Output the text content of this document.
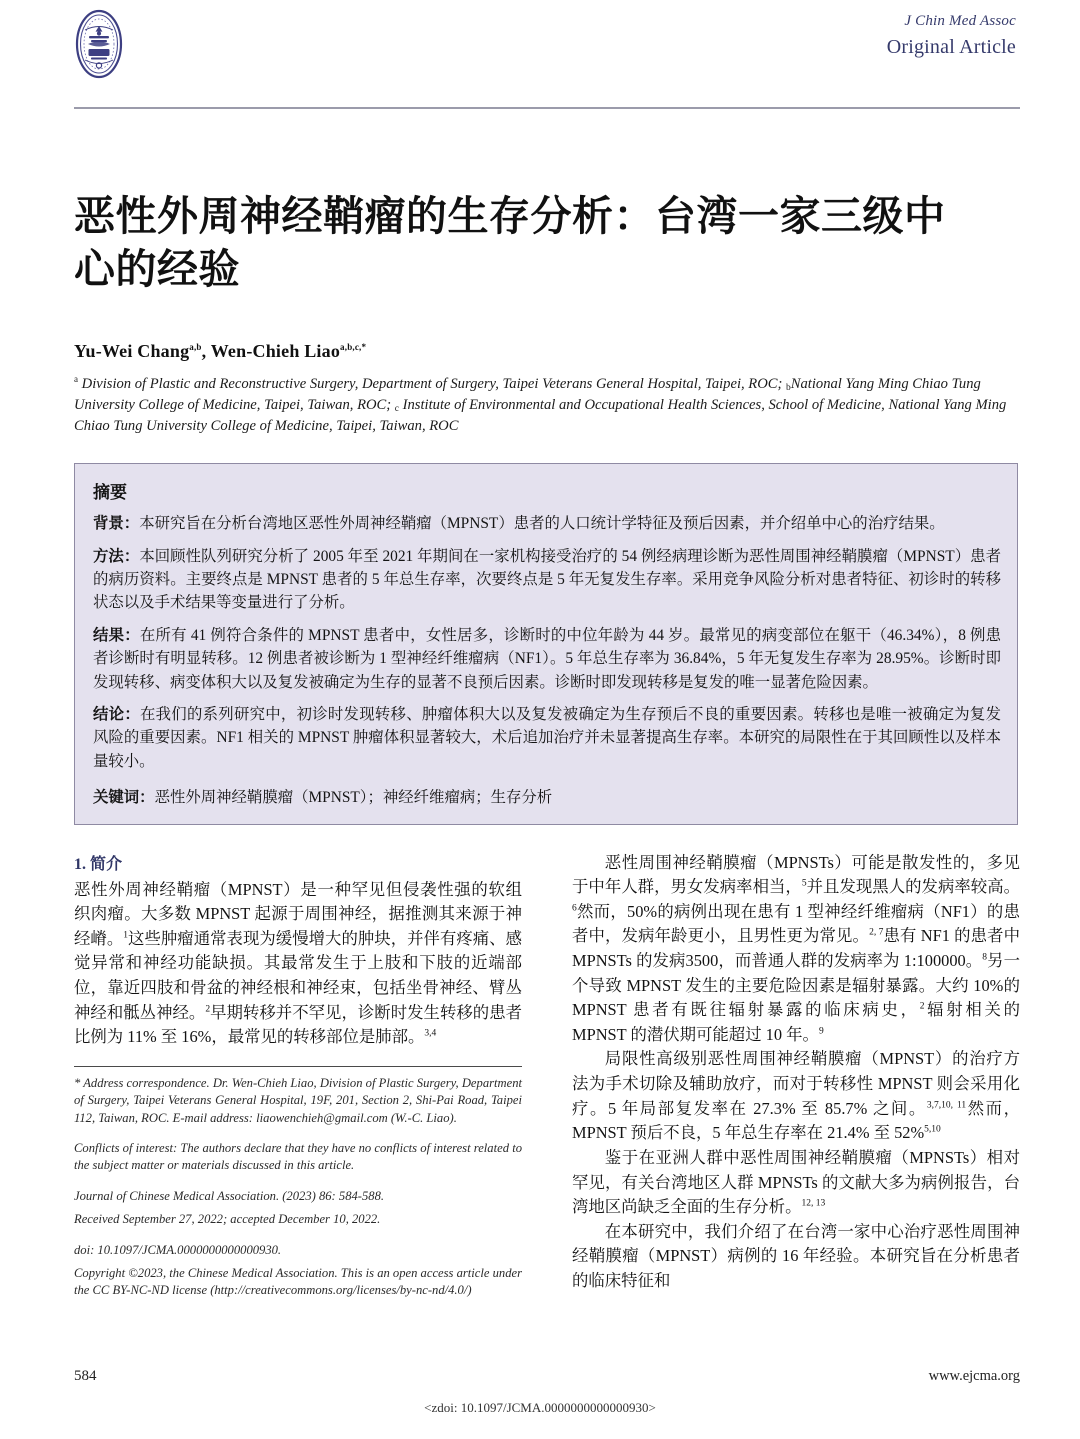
J Chin Med Assoc
Original Article
恶性外周神经鞘瘤的生存分析：台湾一家三级中心的经验
Yu-Wei Chang$^{a,b}$, Wen-Chieh Liao$^{a,b,c,*}$
$^a$ Division of Plastic and Reconstructive Surgery, Department of Surgery, Taipei Veterans General Hospital, Taipei, ROC; bNational Yang Ming Chiao Tung University College of Medicine, Taipei, Taiwan, ROC; c Institute of Environmental and Occupational Health Sciences, School of Medicine, National Yang Ming Chiao Tung University College of Medicine, Taipei, Taiwan, ROC
摘要

背景：本研究旨在分析台湾地区恶性外周神经鞘瘤（MPNST）患者的人口统计学特征及预后因素，并介绍单中心的治疗结果。

方法：本回顾性队列研究分析了 2005 年至 2021 年期间在一家机构接受治疗的 54 例经病理诊断为恶性周围神经鞘膜瘤（MPNST）患者的病历资料。主要终点是 MPNST 患者的 5 年总生存率，次要终点是 5 年无复发生存率。采用竞争风险分析对患者特征、初诊时的转移状态以及手术结果等变量进行了分析。

结果：在所有 41 例符合条件的 MPNST 患者中，女性居多，诊断时的中位年龄为 44 岁。最常见的病变部位在躯干（46.34%），8 例患者诊断时有明显转移。12 例患者被诊断为 1 型神经纤维瘤病（NF1）。5 年总生存率为 36.84%，5 年无复发生存率为 28.95%。诊断时即发现转移、病变体积大以及复发被确定为生存的显著不良预后因素。诊断时即发现转移是复发的唯一显著危险因素。

结论：在我们的系列研究中，初诊时发现转移、肿瘤体积大以及复发被确定为生存预后不良的重要因素。转移也是唯一被确定为复发风险的重要因素。NF1 相关的 MPNST 肿瘤体积显著较大，术后追加治疗并未显著提高生存率。本研究的局限性在于其回顾性以及样本量较小。

关键词：恶性外周神经鞘膜瘤（MPNST）；神经纤维瘤病；生存分析

1. 简介

恶性外周神经鞘瘤（MPNST）是一种罕见但侵袭性强的软组织肉瘤。大多数 MPNST 起源于周围神经，据推测其来源于神经嵴。$^1$这些肿瘤通常表现为缓慢增大的肿块，并伴有疼痛、感觉异常和神经功能缺损。其最常发生于上肢和下肢的近端部位，靠近四肢和骨盆的神经根和神经束，包括坐骨神经、臂丛神经和骶丛神经。$^2$早期转移并不罕见，诊断时发生转移的患者比例为 11% 至 16%，最常见的转移部位是肺部。$^{3,4}$

* Address correspondence. Dr. Wen-Chieh Liao, Division of Plastic Surgery, Department of Surgery, Taipei Veterans General Hospital, 19F, 201, Section 2, Shi-Pai Road, Taipei 112, Taiwan, ROC. E-mail address: liaowenchieh@gmail.com (W.-C. Liao).

Conflicts of interest: The authors declare that they have no conflicts of interest related to the subject matter or materials discussed in this article.

Journal of Chinese Medical Association. (2023) 86: 584-588.

Received September 27, 2022; accepted December 10, 2022.

doi: 10.1097/JCMA.0000000000000930.

Copyright ©2023, the Chinese Medical Association. This is an open access article under the CC BY-NC-ND license (http://creativecommons.org/licenses/by-nc-nd/4.0/)

恶性周围神经鞘膜瘤（MPNSTs）可能是散发性的，多见于中年人群，男女发病率相当，$^5$并且发现黑人的发病率较高。$^6$然而，50%的病例出现在患有 1 型神经纤维瘤病（NF1）的患者中，发病年龄更小，且男性更为常见。$^{2, 7}$患有 NF1 的患者中 MPNSTs 的发病3500，而普通人群的发病率为 1:100000。$^8$另一个导致 MPNST 发生的主要危险因素是辐射暴露。大约 10%的 MPNST 患者有既往辐射暴露的临床病史，$^2$辐射相关的 MPNST 的潜伏期可能超过 10 年。$^9$

局限性高级别恶性周围神经鞘膜瘤（MPNST）的治疗方法为手术切除及辅助放疗，而对于转移性 MPNST 则会采用化疗。5 年局部复发率在 27.3% 至 85.7% 之间。$^{3,7,10, 11}$然而，MPNST 预后不良，5 年总生存率在 21.4% 至 52%$^{5,10}$

鉴于在亚洲人群中恶性周围神经鞘膜瘤（MPNSTs）相对罕见，有关台湾地区人群 MPNSTs 的文献大多为病例报告，台湾地区尚缺乏全面的生存分析。$^{12, 13}$

在本研究中，我们介绍了在台湾一家中心治疗恶性周围神经鞘膜瘤（MPNST）病例的 16 年经验。本研究旨在分析患者的临床特征和

584	www.ejcma.org
<zdoi: 10.1097/JCMA.0000000000000930>
